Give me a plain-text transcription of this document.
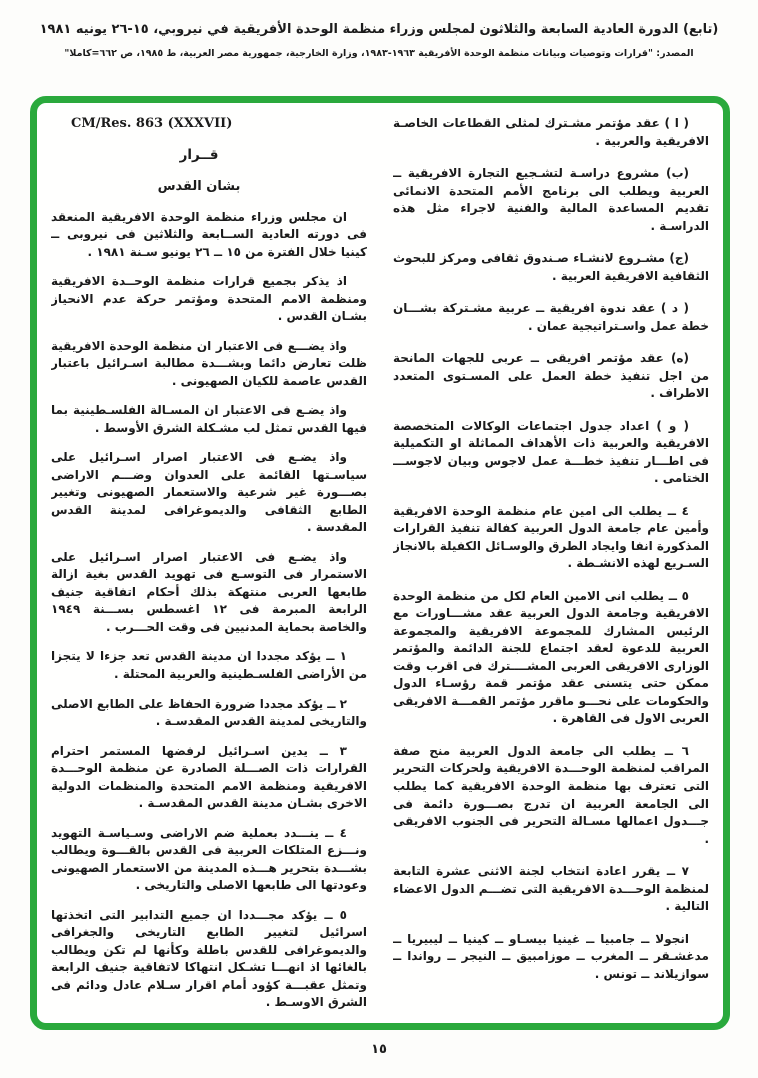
(تابع) الدورة العادية السابعة والثلاثون لمجلس وزراء منظمة الوحدة الأفريقية في نيروبي، ١٥-٢٦ يونيه ١٩٨١
المصدر: "قرارات وتوصيات وبيانات منظمة الوحدة الأفريقية ١٩٦٣-١٩٨٣، وزارة الخارجية، جمهورية مصر العربية، ط ١٩٨٥، ص ٦٦٢=كاملا"

( ا ) عقد مؤتمر مشـترك لمثلى القطاعات الخاصـة الافريقية والعربية .

(ب) مشروع دراسـة لتشـجيع التجارة الافريقية ــ العربية ويطلب الى برنامج الأمم المتحدة الانمائى تقديم المساعدة المالية والفنية لاجراء مثل هذه الدراسـة .

(ج) مشـروع لانشـاء صـندوق ثقافى ومركز للبحوث الثقافية الافريقية العربية .

( د ) عقد ندوة افريقية ــ عربية مشـتركة بشـــان خطة عمل واسـتراتيجية عمان .

(ه) عقد مؤتمر افريقى ــ عربى للجهات المانحة من اجل تنفيذ خطة العمل على المسـتوى المتعدد الاطراف .

( و ) اعداد جدول اجتماعات الوكالات المتخصصة الافريقية والعربية ذات الأهداف المماثلة او التكميلية فى اطـــار تنفيذ خطـــة عمل لاجوس وبيان لاجوســـ الختامى .

٤ ــ يطلب الى امين عام منظمة الوحدة الافريقية وأمين عام جامعة الدول العربية كفالة تنفيذ القرارات المذكورة انفا وايجاد الطرق والوسـائل الكفيلة بالانجاز السـريع لهذه الانشـطة .

٥ ــ يطلب انى الامين العام لكل من منظمة الوحدة الافريقية وجامعة الدول العربية عقد مشـــاورات مع الرئيس المشارك للمجموعة الافريقية والمجموعة العربية للدعوة لعقد اجتماع للجنة الدائمة والمؤتمر الوزارى الافريقى العربى المشــــترك فى اقرب وقت ممكن حتى يتسنى عقد مؤتمر قمة رؤسـاء الدول والحكومات على نحـــو ماقرر مؤتمر القمـــة الافريقى العربى الاول فى القاهرة .

٦ ــ يطلب الى جامعة الدول العربية منح صفة المراقب لمنظمة الوحـــدة الافريقية ولحركات التحرير التى تعترف بها منظمة الوحدة الافريقية كما يطلب الى الجامعة العربية ان تدرج بصـــورة دائمة فى جـــدول اعمالها مسـالة التحرير فى الجنوب الافريقى .

٧ ــ يقرر اعادة انتخاب لجنة الاثنى عشرة التابعة لمنظمة الوحـــدة الافريقية التى تضـــم الدول الاعضاء التالية .

انجولا ــ جامبيا ــ غينيا بيسـاو ــ كينيا ــ ليبيريا ــ مدغشـقر ــ المغرب ــ موزامبيق ــ النيجر ــ رواندا ــ سوازيلاند ــ تونس .

CM/Res. 863 (XXXVII)

قــرار

بشان القدس

ان مجلس وزراء منظمة الوحدة الافريقية المنعقد فى دورته العادية الســابعة والثلاثين فى نيروبى ــ كينيا خلال الفترة من ١٥ ــ ٢٦ يونيو سـنة ١٩٨١ .

اذ يذكر بجميع قرارات منظمة الوحــدة الافريقية ومنظمة الامم المتحدة ومؤتمر حركة عدم الانحياز بشـان القدس .

واذ يضـــع فى الاعتبار ان منظمة الوحدة الافريقية ظلت تعارض دائما وبشـــدة مطالبة اسـرائيل باعتبار القدس عاصمة للكيان الصهيونى .

واذ يضـع فى الاعتبار ان المسـالة الفلسـطينية بما فيها القدس تمثل لب مشـكلة الشرق الأوسط .

واذ يضـع فى الاعتبار اصرار اسـرائيل على سياسـتها القائمة على العدوان وضـــم الاراضى بصـــورة غير شرعية والاستعمار الصهيونى وتغيير الطابع الثقافى والديموغرافى لمدينة القدس المقدسة .

واذ يضـع فى الاعتبار اصرار اسـرائيل على الاستمرار فى التوسـع فى تهويد القدس بغية ازالة طابعها العربى منتهكة بذلك أحكام اتفاقية جنيف الرابعة المبرمة فى ١٢ اغسطس بســـنة ١٩٤٩ والخاصة بحماية المدنيين فى وقت الحـــرب .

١ ــ يؤكد مجددا ان مدينة القدس تعد جزءا لا يتجزا من الأراضى الفلسـطينية والعربية المحتلة .

٢ ــ يؤكد مجددا ضرورة الحفاظ على الطابع الاصلى والتاريخى لمدينة القدس المقدسـة .

٣ ــ يدين اسـرائيل لرفضها المستمر احترام القرارات ذات الصـــلة الصادرة عن منظمة الوحـــدة الافريقية ومنظمة الامم المتحدة والمنظمات الدولية الاخرى بشـان مدينة القدس المقدسـة .

٤ ــ ينـــدد بعملية ضم الاراضى وسـياسـة التهويد ونـــزع المتلكات العربية فى القدس بالقـــوة ويطالب بشـــدة بتحرير هـــذه المدينة من الاستعمار الصهيونى وعودتها الى طابعها الاصلى والتاريخى .

٥ ــ يؤكد مجـــددا ان جميع التدابير التى اتخذتها اسرائيل لتغيير الطابع التاريخى والجغرافى والديموغرافى للقدس باطلة وكأنها لم تكن ويطالب بالغائها اذ انهـــا تشـكل انتهاكا لاتفاقية جنيف الرابعة وتمثل عقبـــة كؤود أمام اقرار سـلام عادل ودائم فى الشرق الاوسـط .

١٥
